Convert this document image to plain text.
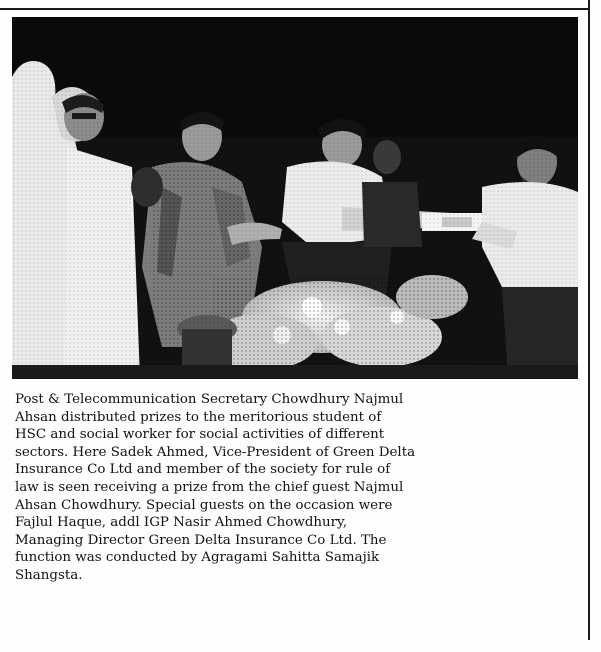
Post & Telecommunication Secretary Chowdhury Najmul
Ahsan distributed prizes to the meritorious student of
HSC and social worker for social activities of different
sectors. Here Sadek Ahmed, Vice-President of Green Delta
Insurance Co Ltd and member of the society for rule of
law is seen receiving a prize from the chief guest Najmul
Ahsan Chowdhury. Special guests on the occasion were
Fajlul Haque, addl IGP Nasir Ahmed Chowdhury,
Managing Director Green Delta Insurance Co Ltd. The
function was conducted by Agragami Sahitta Samajik
Shangsta.
